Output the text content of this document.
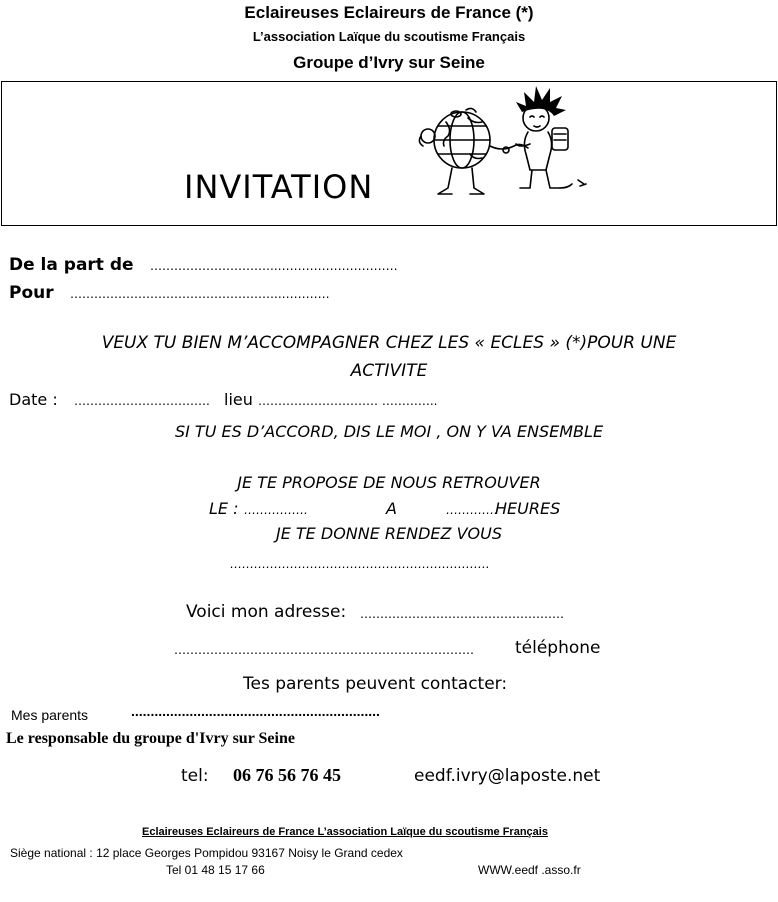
Eclaireuses Eclaireurs de France (*)
L’association Laïque du scoutisme Français
Groupe d’Ivry sur Seine
INVITATION
De la part de …………………………..…………………………
Pour ……………………………………………..…………
VEUX TU BIEN M’ACCOMPAGNER CHEZ LES « ECLES » (*)POUR UNE
ACTIVITE
Date : ……………………………. lieu ………………………… …………..
SI TU ES D’ACCORD, DIS LE MOI , ON Y VA ENSEMBLE
JE TE PROPOSE DE NOUS RETROUVER
LE : …………….	A	………….
HEURES
JE TE DONNE RENDEZ VOUS
……………………………………………….……….
Voici mon adresse: ……………………………………………
………………………………………………………………… téléphone
Tes parents peuvent contacter:
Mes parents	................................................................
Le responsable du groupe d'Ivry sur Seine
tel: 06 76 56 76 45	eedf.ivry@laposte.net
Eclaireuses Eclaireurs de France L’association Laïque du scoutisme Français
Siège national : 12 place Georges Pompidou 93167 Noisy le Grand cedex
Tel 01 48 15 17 66	WWW.eedf .asso.fr
